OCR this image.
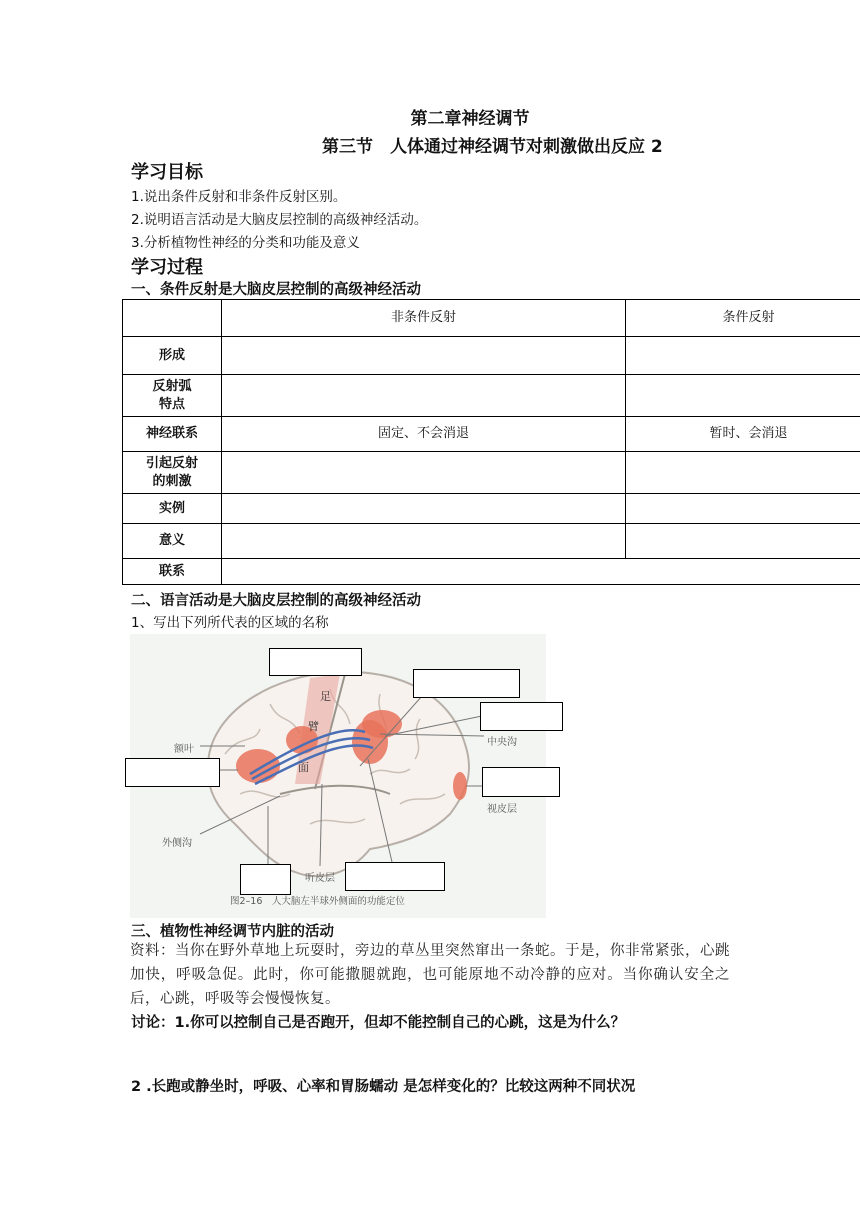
第二章神经调节
第三节　人体通过神经调节对刺激做出反应 2
学习目标
1.说出条件反射和非条件反射区别。
2.说明语言活动是大脑皮层控制的高级神经活动。
3.分析植物性神经的分类和功能及意义
学习过程
一、条件反射是大脑皮层控制的高级神经活动
	非条件反射	条件反射
形成		
反射弧
特点		
神经联系	固定、不会消退	暂时、会消退
引起反射
的刺激		
实例		
意义		
联系		
二、语言活动是大脑皮层控制的高级神经活动
1、写出下列所代表的区域的名称
足
臂
面
额叶
中央沟
视皮层
外侧沟
听皮层
图2–16　人大脑左半球外侧面的功能定位
三、植物性神经调节内脏的活动
资料：当你在野外草地上玩耍时，旁边的草丛里突然窜出一条蛇。于是，你非常紧张，心跳加快，呼吸急促。此时，你可能撒腿就跑，也可能原地不动冷静的应对。当你确认安全之后，心跳，呼吸等会慢慢恢复。
讨论：1.你可以控制自己是否跑开，但却不能控制自己的心跳，这是为什么？
2 .长跑或静坐时，呼吸、心率和胃肠蠕动 是怎样变化的？比较这两种不同状况
